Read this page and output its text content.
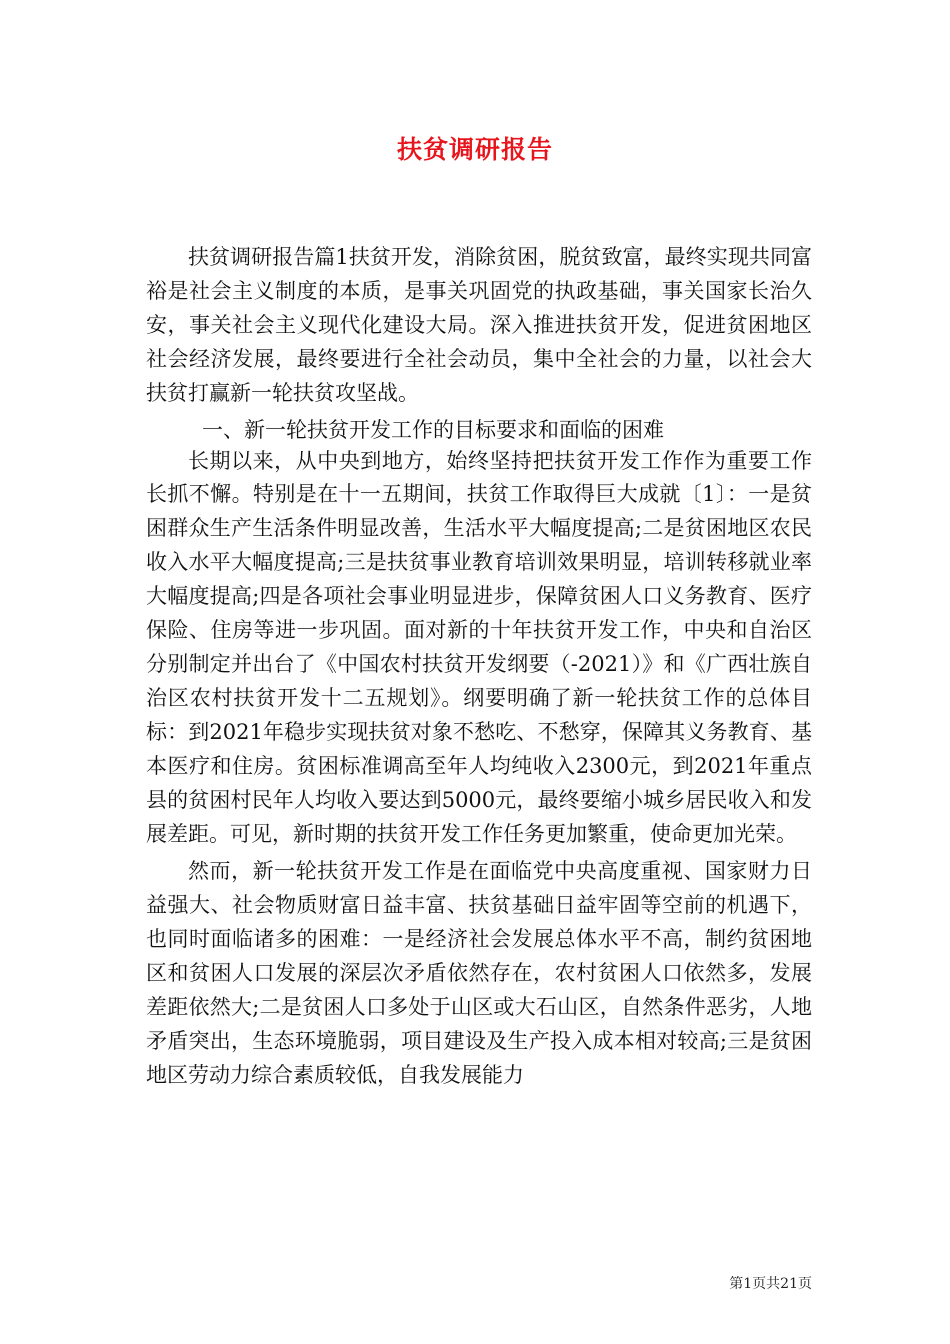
扶贫调研报告

扶贫调研报告篇1扶贫开发，消除贫困，脱贫致富，最终实现共同富裕是社会主义制度的本质，是事关巩固党的执政基础，事关国家长治久安，事关社会主义现代化建设大局。深入推进扶贫开发，促进贫困地区社会经济发展，最终要进行全社会动员，集中全社会的力量，以社会大扶贫打赢新一轮扶贫攻坚战。

一、新一轮扶贫开发工作的目标要求和面临的困难

长期以来，从中央到地方，始终坚持把扶贫开发工作作为重要工作长抓不懈。特别是在十一五期间，扶贫工作取得巨大成就〔1〕：一是贫困群众生产生活条件明显改善，生活水平大幅度提高;二是贫困地区农民收入水平大幅度提高;三是扶贫事业教育培训效果明显，培训转移就业率大幅度提高;四是各项社会事业明显进步，保障贫困人口义务教育、医疗保险、住房等进一步巩固。面对新的十年扶贫开发工作，中央和自治区分别制定并出台了《中国农村扶贫开发纲要（-2021）》和《广西壮族自治区农村扶贫开发十二五规划》。纲要明确了新一轮扶贫工作的总体目标：到2021年稳步实现扶贫对象不愁吃、不愁穿，保障其义务教育、基本医疗和住房。贫困标准调高至年人均纯收入2300元，到2021年重点县的贫困村民年人均收入要达到5000元，最终要缩小城乡居民收入和发展差距。可见，新时期的扶贫开发工作任务更加繁重，使命更加光荣。

然而，新一轮扶贫开发工作是在面临党中央高度重视、国家财力日益强大、社会物质财富日益丰富、扶贫基础日益牢固等空前的机遇下，也同时面临诸多的困难：一是经济社会发展总体水平不高，制约贫困地区和贫困人口发展的深层次矛盾依然存在，农村贫困人口依然多，发展差距依然大;二是贫困人口多处于山区或大石山区，自然条件恶劣，人地矛盾突出，生态环境脆弱，项目建设及生产投入成本相对较高;三是贫困地区劳动力综合素质较低，自我发展能力

第1页共21页
